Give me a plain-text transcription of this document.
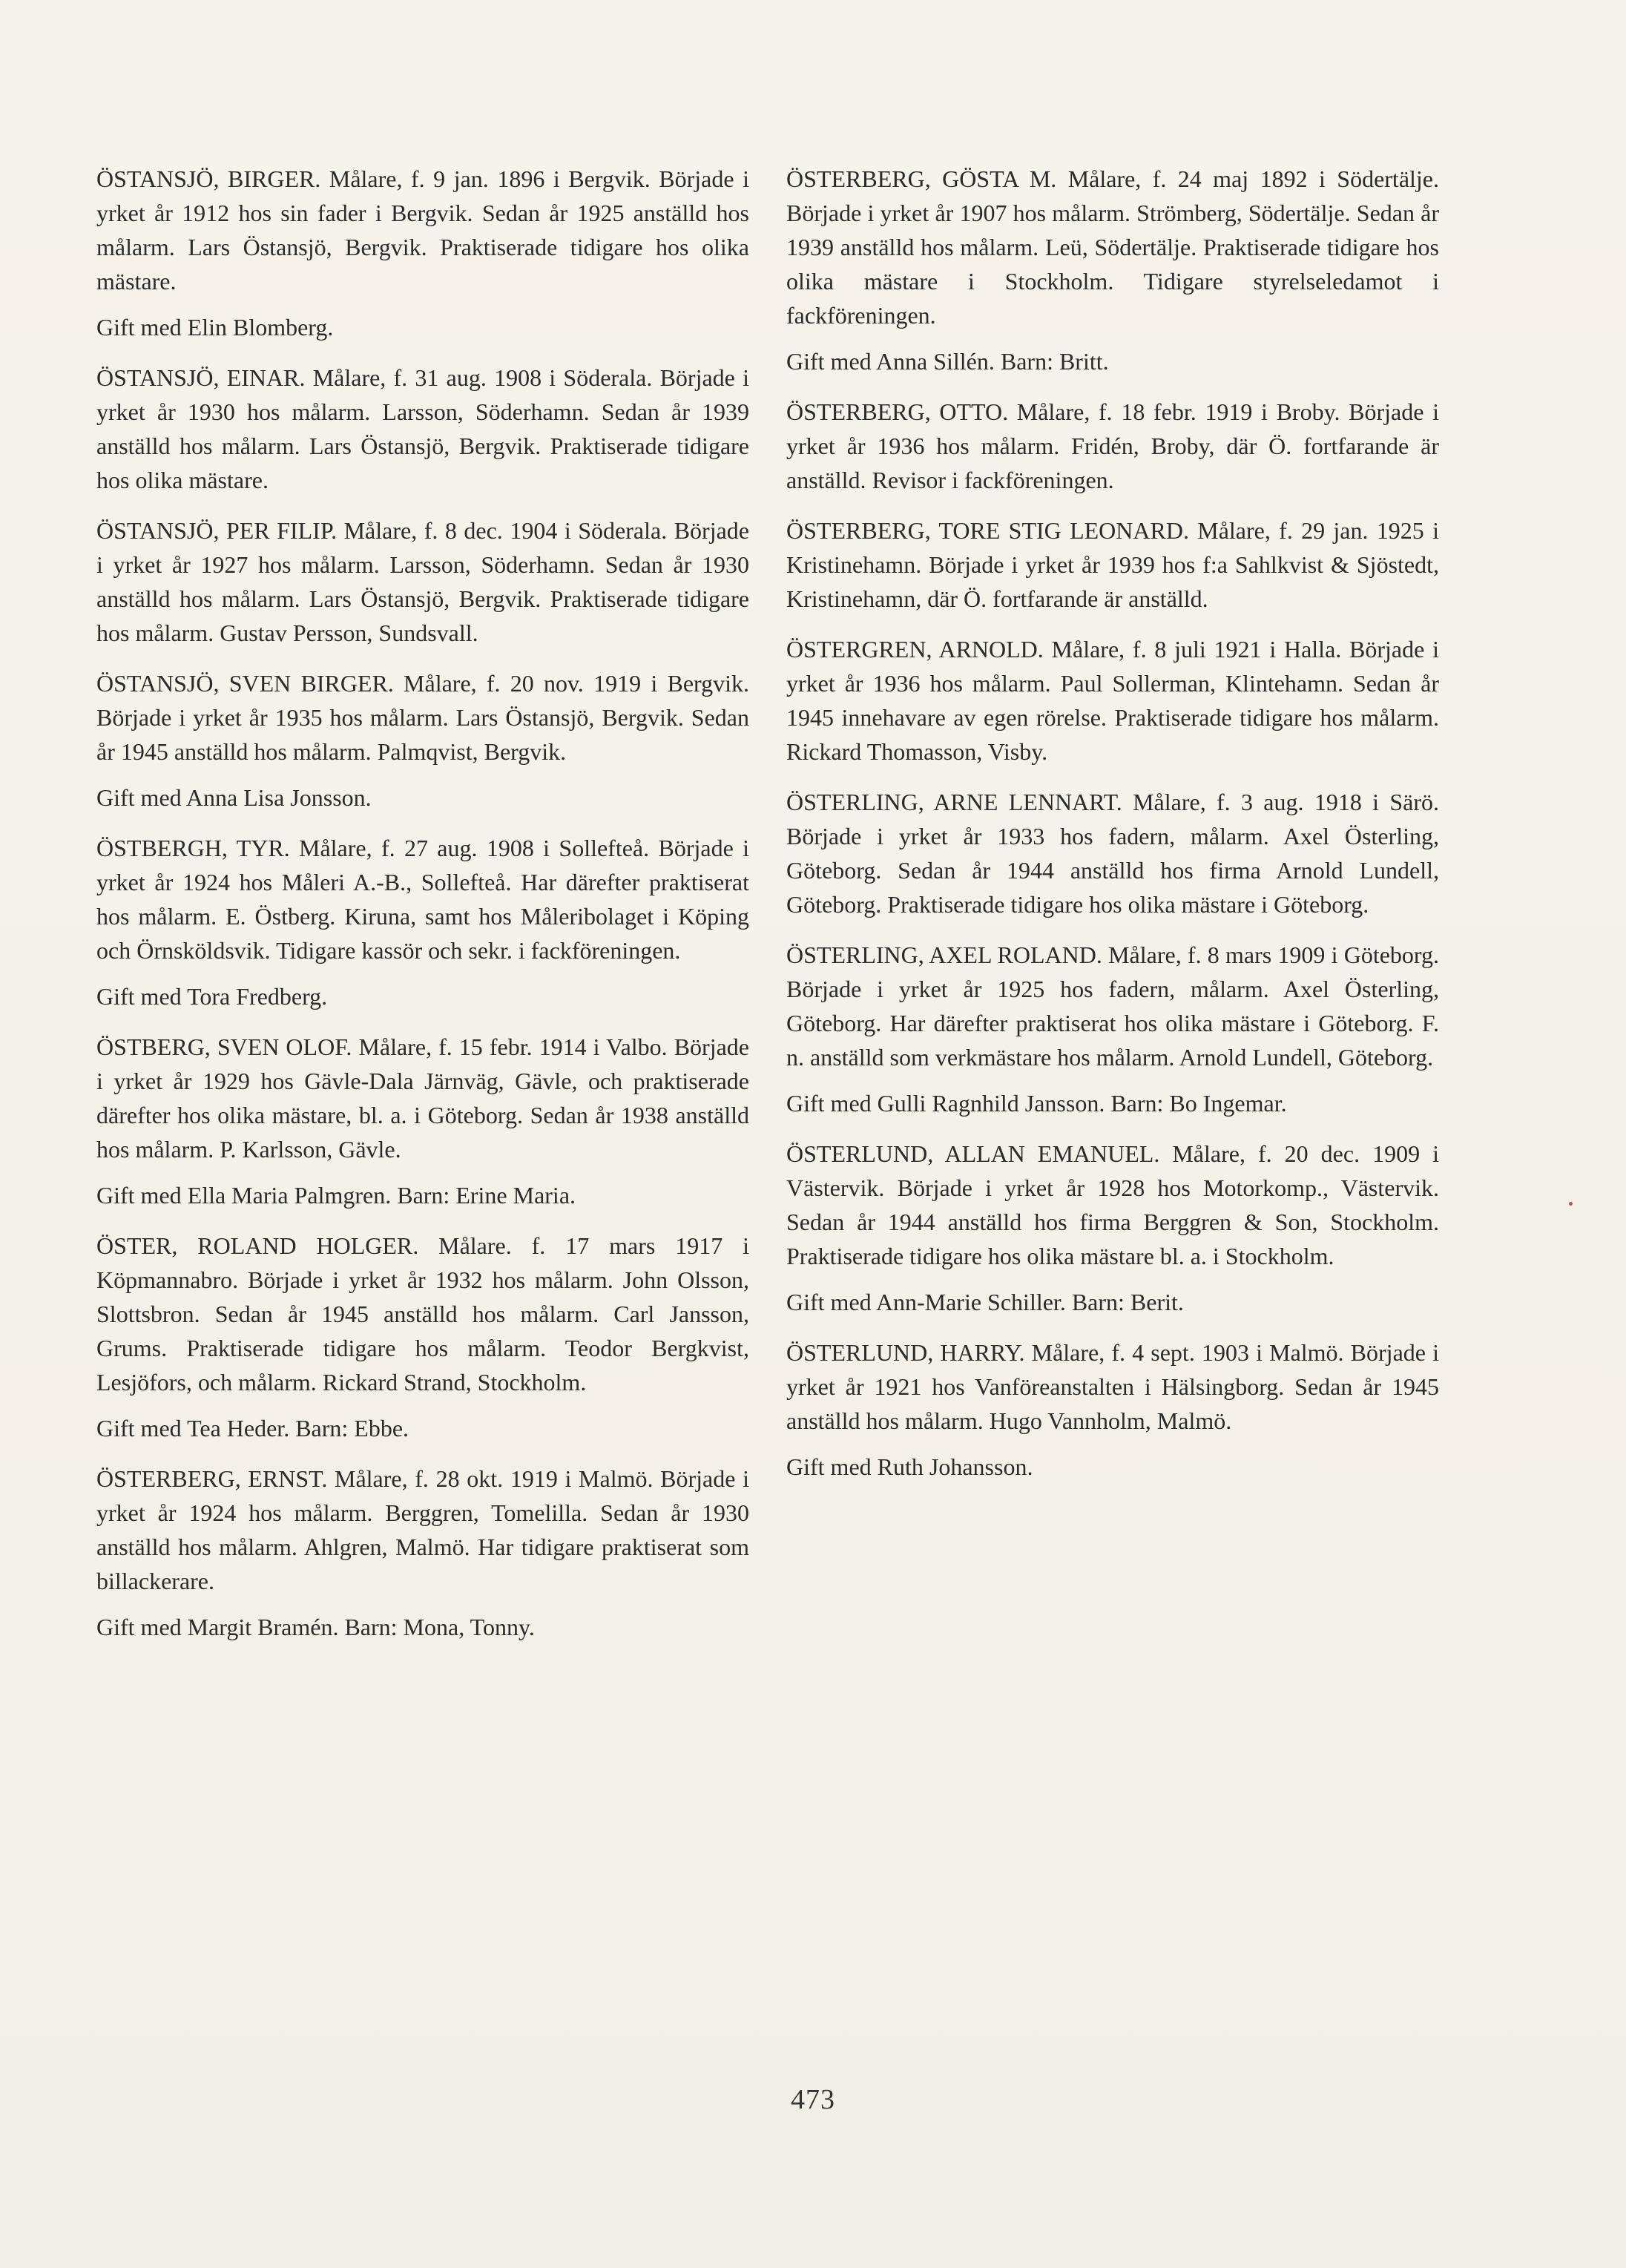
ÖSTANSJÖ, BIRGER. Målare, f. 9 jan. 1896 i Bergvik. Började i yrket år 1912 hos sin fader i Bergvik. Sedan år 1925 anställd hos målarm. Lars Östansjö, Bergvik. Praktiserade tidigare hos olika mästare.
Gift med Elin Blomberg.
ÖSTANSJÖ, EINAR. Målare, f. 31 aug. 1908 i Söderala. Började i yrket år 1930 hos målarm. Larsson, Söderhamn. Sedan år 1939 anställd hos målarm. Lars Östansjö, Bergvik. Praktiserade tidigare hos olika mästare.
ÖSTANSJÖ, PER FILIP. Målare, f. 8 dec. 1904 i Söderala. Började i yrket år 1927 hos målarm. Larsson, Söderhamn. Sedan år 1930 anställd hos målarm. Lars Östansjö, Bergvik. Praktiserade tidigare hos målarm. Gustav Persson, Sundsvall.
ÖSTANSJÖ, SVEN BIRGER. Målare, f. 20 nov. 1919 i Bergvik. Började i yrket år 1935 hos målarm. Lars Östansjö, Bergvik. Sedan år 1945 anställd hos målarm. Palmqvist, Bergvik.
Gift med Anna Lisa Jonsson.
ÖSTBERGH, TYR. Målare, f. 27 aug. 1908 i Sollefteå. Började i yrket år 1924 hos Måleri A.-B., Sollefteå. Har därefter praktiserat hos målarm. E. Östberg. Kiruna, samt hos Måleribolaget i Köping och Örnsköldsvik. Tidigare kassör och sekr. i fackföreningen.
Gift med Tora Fredberg.
ÖSTBERG, SVEN OLOF. Målare, f. 15 febr. 1914 i Valbo. Började i yrket år 1929 hos Gävle-Dala Järnväg, Gävle, och praktiserade därefter hos olika mästare, bl. a. i Göteborg. Sedan år 1938 anställd hos målarm. P. Karlsson, Gävle.
Gift med Ella Maria Palmgren. Barn: Erine Maria.
ÖSTER, ROLAND HOLGER. Målare. f. 17 mars 1917 i Köpmannabro. Började i yrket år 1932 hos målarm. John Olsson, Slottsbron. Sedan år 1945 anställd hos målarm. Carl Jansson, Grums. Praktiserade tidigare hos målarm. Teodor Bergkvist, Lesjöfors, och målarm. Rickard Strand, Stockholm.
Gift med Tea Heder. Barn: Ebbe.
ÖSTERBERG, ERNST. Målare, f. 28 okt. 1919 i Malmö. Började i yrket år 1924 hos målarm. Berggren, Tomelilla. Sedan år 1930 anställd hos målarm. Ahlgren, Malmö. Har tidigare praktiserat som billackerare.
Gift med Margit Bramén. Barn: Mona, Tonny.
ÖSTERBERG, GÖSTA M. Målare, f. 24 maj 1892 i Södertälje. Började i yrket år 1907 hos målarm. Strömberg, Södertälje. Sedan år 1939 anställd hos målarm. Leü, Södertälje. Praktiserade tidigare hos olika mästare i Stockholm. Tidigare styrelseledamot i fackföreningen.
Gift med Anna Sillén. Barn: Britt.
ÖSTERBERG, OTTO. Målare, f. 18 febr. 1919 i Broby. Började i yrket år 1936 hos målarm. Fridén, Broby, där Ö. fortfarande är anställd. Revisor i fackföreningen.
ÖSTERBERG, TORE STIG LEONARD. Målare, f. 29 jan. 1925 i Kristinehamn. Började i yrket år 1939 hos f:a Sahlkvist & Sjöstedt, Kristinehamn, där Ö. fortfarande är anställd.
ÖSTERGREN, ARNOLD. Målare, f. 8 juli 1921 i Halla. Började i yrket år 1936 hos målarm. Paul Sollerman, Klintehamn. Sedan år 1945 innehavare av egen rörelse. Praktiserade tidigare hos målarm. Rickard Thomasson, Visby.
ÖSTERLING, ARNE LENNART. Målare, f. 3 aug. 1918 i Särö. Började i yrket år 1933 hos fadern, målarm. Axel Österling, Göteborg. Sedan år 1944 anställd hos firma Arnold Lundell, Göteborg. Praktiserade tidigare hos olika mästare i Göteborg.
ÖSTERLING, AXEL ROLAND. Målare, f. 8 mars 1909 i Göteborg. Började i yrket år 1925 hos fadern, målarm. Axel Österling, Göteborg. Har därefter praktiserat hos olika mästare i Göteborg. F. n. anställd som verkmästare hos målarm. Arnold Lundell, Göteborg.
Gift med Gulli Ragnhild Jansson. Barn: Bo Ingemar.
ÖSTERLUND, ALLAN EMANUEL. Målare, f. 20 dec. 1909 i Västervik. Började i yrket år 1928 hos Motorkomp., Västervik. Sedan år 1944 anställd hos firma Berggren & Son, Stockholm. Praktiserade tidigare hos olika mästare bl. a. i Stockholm.
Gift med Ann-Marie Schiller. Barn: Berit.
ÖSTERLUND, HARRY. Målare, f. 4 sept. 1903 i Malmö. Började i yrket år 1921 hos Vanföreanstalten i Hälsingborg. Sedan år 1945 anställd hos målarm. Hugo Vannholm, Malmö.
Gift med Ruth Johansson.
473
